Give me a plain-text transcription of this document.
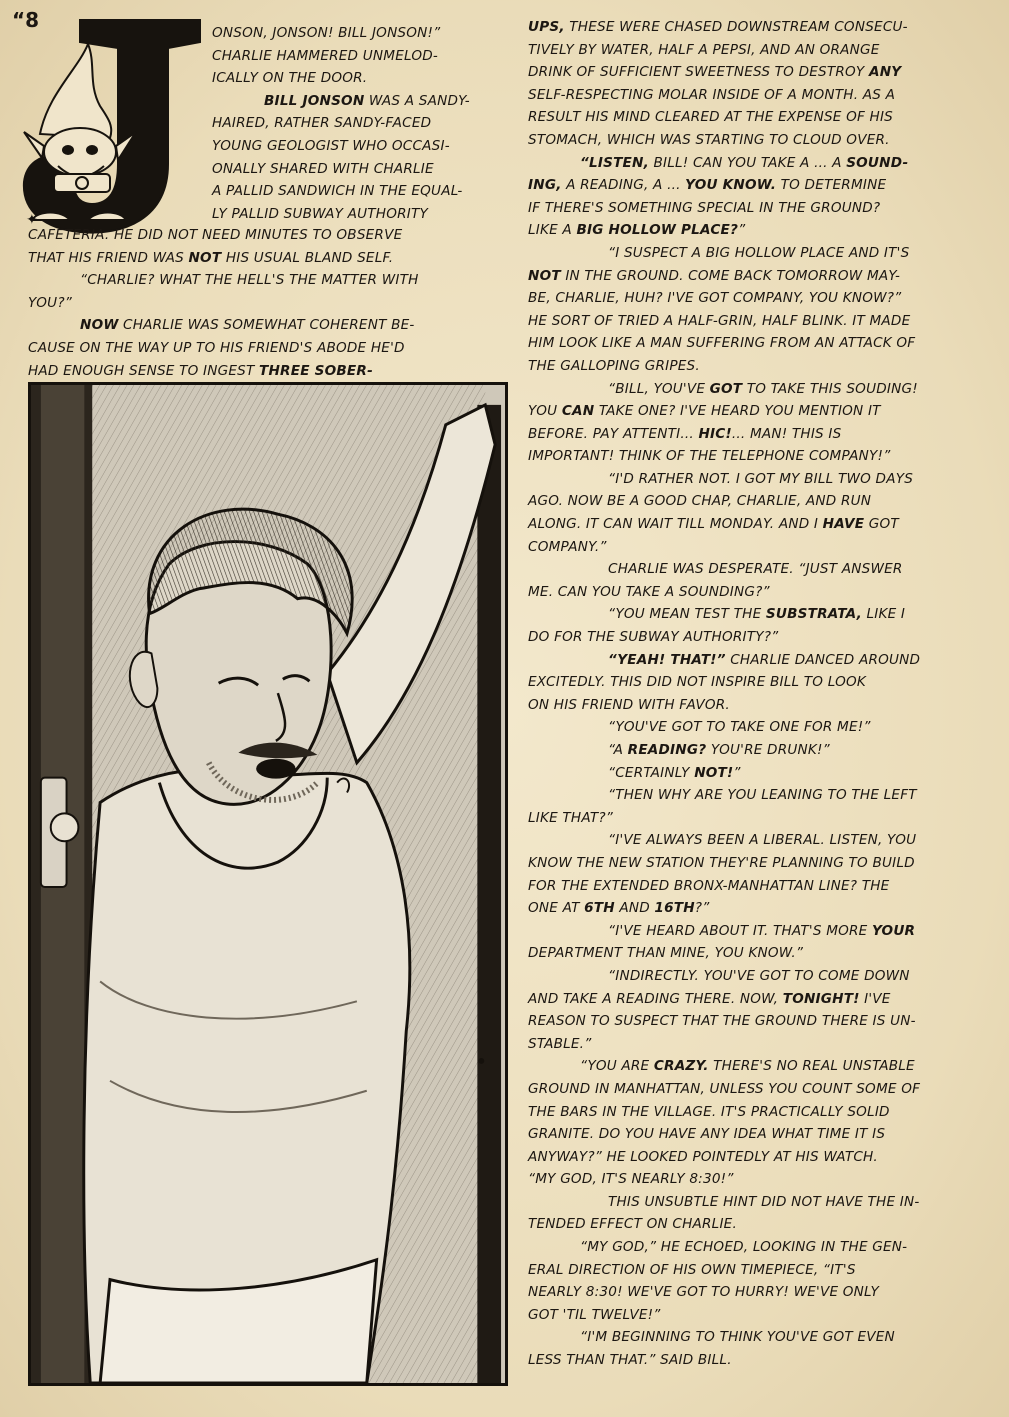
“8
✦

ONSON, JONSON! BILL JONSON!”

CHARLIE HAMMERED UNMELOD-

ICALLY ON THE DOOR.

BILL JONSON WAS A SANDY-

HAIRED, RATHER SANDY-FACED

YOUNG GEOLOGIST WHO OCCASI-

ONALLY SHARED WITH CHARLIE

A PALLID SANDWICH IN THE EQUAL-

LY PALLID SUBWAY AUTHORITY

CAFETERIA. HE DID NOT NEED MINUTES TO OBSERVE

THAT HIS FRIEND WAS NOT HIS USUAL BLAND SELF.

“CHARLIE? WHAT THE HELL'S THE MATTER WITH

YOU?”

NOW CHARLIE WAS SOMEWHAT COHERENT BE-

CAUSE ON THE WAY UP TO HIS FRIEND'S ABODE HE'D

HAD ENOUGH SENSE TO INGEST THREE SOBER-

UPS, THESE WERE CHASED DOWNSTREAM CONSECU-

TIVELY BY WATER, HALF A PEPSI, AND AN ORANGE

DRINK OF SUFFICIENT SWEETNESS TO DESTROY ANY

SELF-RESPECTING MOLAR INSIDE OF A MONTH. AS A

RESULT HIS MIND CLEARED AT THE EXPENSE OF HIS

STOMACH, WHICH WAS STARTING TO CLOUD OVER.

“LISTEN, BILL! CAN YOU TAKE A ... A SOUND-

ING, A READING, A ... YOU KNOW. TO DETERMINE

IF THERE'S SOMETHING SPECIAL IN THE GROUND?

LIKE A BIG HOLLOW PLACE?”

“I SUSPECT A BIG HOLLOW PLACE AND IT'S

NOT IN THE GROUND. COME BACK TOMORROW MAY-

BE, CHARLIE, HUH? I'VE GOT COMPANY, YOU KNOW?”

HE SORT OF TRIED A HALF-GRIN, HALF BLINK. IT MADE

HIM LOOK LIKE A MAN SUFFERING FROM AN ATTACK OF

THE GALLOPING GRIPES.

“BILL, YOU'VE GOT TO TAKE THIS SOUDING!

YOU CAN TAKE ONE? I'VE HEARD YOU MENTION IT

BEFORE. PAY ATTENTI... HIC!... MAN! THIS IS

IMPORTANT! THINK OF THE TELEPHONE COMPANY!”

“I'D RATHER NOT. I GOT MY BILL TWO DAYS

AGO. NOW BE A GOOD CHAP, CHARLIE, AND RUN

ALONG. IT CAN WAIT TILL MONDAY. AND I HAVE GOT

COMPANY.”

CHARLIE WAS DESPERATE. “JUST ANSWER

ME. CAN YOU TAKE A SOUNDING?”

“YOU MEAN TEST THE SUBSTRATA, LIKE I

DO FOR THE SUBWAY AUTHORITY?”

“YEAH! THAT!” CHARLIE DANCED AROUND

EXCITEDLY. THIS DID NOT INSPIRE BILL TO LOOK

ON HIS FRIEND WITH FAVOR.

“YOU'VE GOT TO TAKE ONE FOR ME!”

“A READING? YOU'RE DRUNK!”

“CERTAINLY NOT!”

“THEN WHY ARE YOU LEANING TO THE LEFT

LIKE THAT?”

“I'VE ALWAYS BEEN A LIBERAL. LISTEN, YOU

KNOW THE NEW STATION THEY'RE PLANNING TO BUILD

FOR THE EXTENDED BRONX-MANHATTAN LINE? THE

ONE AT 6TH AND 16TH?”

“I'VE HEARD ABOUT IT. THAT'S MORE YOUR

DEPARTMENT THAN MINE, YOU KNOW.”

“INDIRECTLY. YOU'VE GOT TO COME DOWN

AND TAKE A READING THERE. NOW, TONIGHT! I'VE

REASON TO SUSPECT THAT THE GROUND THERE IS UN-

STABLE.”

“YOU ARE CRAZY. THERE'S NO REAL UNSTABLE

GROUND IN MANHATTAN, UNLESS YOU COUNT SOME OF

THE BARS IN THE VILLAGE. IT'S PRACTICALLY SOLID

GRANITE. DO YOU HAVE ANY IDEA WHAT TIME IT IS

ANYWAY?” HE LOOKED POINTEDLY AT HIS WATCH.

“MY GOD, IT'S NEARLY 8:30!”

THIS UNSUBTLE HINT DID NOT HAVE THE IN-

TENDED EFFECT ON CHARLIE.

“MY GOD,” HE ECHOED, LOOKING IN THE GEN-

ERAL DIRECTION OF HIS OWN TIMEPIECE, “IT'S

NEARLY 8:30! WE'VE GOT TO HURRY! WE'VE ONLY

GOT 'TIL TWELVE!”

“I'M BEGINNING TO THINK YOU'VE GOT EVEN

LESS THAN THAT.” SAID BILL.
